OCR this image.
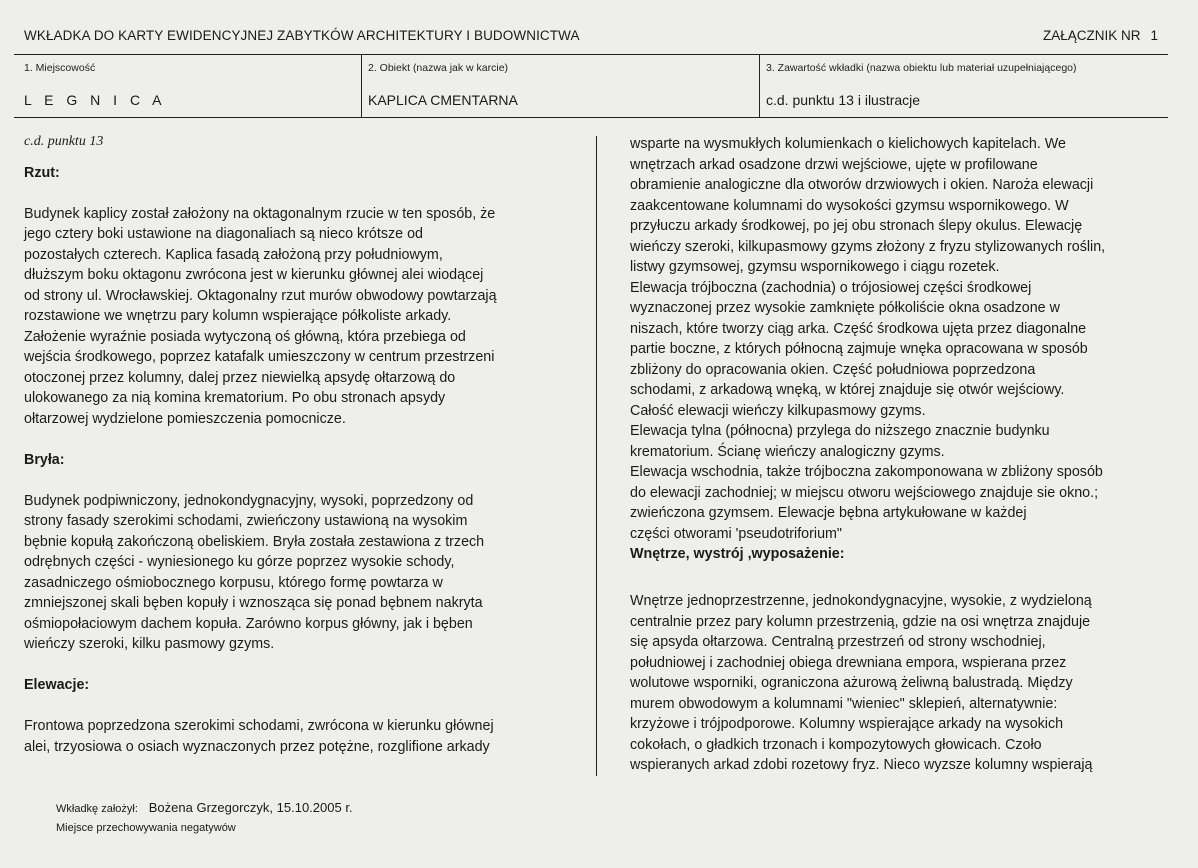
WKŁADKA DO KARTY EWIDENCYJNEJ ZABYTKÓW ARCHITEKTURY I BUDOWNICTWA	ZAŁĄCZNIK NR 1
1. Miejscowość
L E G N I C A
2. Obiekt (nazwa jak w karcie)
KAPLICA CMENTARNA
3. Zawartość wkładki (nazwa obiektu lub materiał uzupełniającego)
c.d. punktu 13 i ilustracje

c.d. punktu 13

Rzut:

Budynek kaplicy został założony na oktagonalnym rzucie w ten sposób, że

jego cztery boki ustawione na diagonaliach są nieco krótsze od

pozostałych czterech. Kaplica fasadą założoną przy południowym,

dłuższym boku oktagonu zwrócona jest w kierunku głównej alei wiodącej

od strony ul. Wrocławskiej. Oktagonalny rzut murów obwodowy powtarzają

rozstawione we wnętrzu pary kolumn wspierające półkoliste arkady.

Założenie wyraźnie posiada wytyczoną oś główną, która przebiega od

wejścia środkowego, poprzez katafalk umieszczony w centrum przestrzeni

otoczonej przez kolumny, dalej przez niewielką apsydę ołtarzową do

ulokowanego za nią komina krematorium. Po obu stronach apsydy

ołtarzowej wydzielone pomieszczenia pomocnicze.

Bryła:

Budynek podpiwniczony, jednokondygnacyjny, wysoki, poprzedzony od

strony fasady szerokimi schodami, zwieńczony ustawioną na wysokim

bębnie kopułą zakończoną obeliskiem. Bryła została zestawiona z trzech

odrębnych części - wyniesionego ku górze poprzez wysokie schody,

zasadniczego ośmiobocznego korpusu, którego formę powtarza w

zmniejszonej skali bęben kopuły i wznosząca się ponad bębnem nakryta

ośmiopołaciowym dachem kopuła. Zarówno korpus główny, jak i bęben

wieńczy szeroki, kilku pasmowy gzyms.

Elewacje:

Frontowa poprzedzona szerokimi schodami, zwrócona w kierunku głównej

alei, trzyosiowa o osiach wyznaczonych przez potężne, rozglifione arkady

wsparte na wysmukłych kolumienkach o kielichowych kapitelach. We

wnętrzach arkad osadzone drzwi wejściowe, ujęte w profilowane

obramienie analogiczne dla otworów drzwiowych i okien. Naroża elewacji

zaakcentowane kolumnami do wysokości gzymsu wspornikowego. W

przyłuczu arkady środkowej, po jej obu stronach ślepy okulus. Elewację

wieńczy szeroki, kilkupasmowy gzyms złożony z fryzu stylizowanych roślin,

listwy gzymsowej, gzymsu wspornikowego i ciągu rozetek.

Elewacja trójboczna (zachodnia) o trójosiowej części środkowej

wyznaczonej przez wysokie zamknięte półkoliście okna osadzone w

niszach, które tworzy ciąg arka. Część środkowa ujęta przez diagonalne

partie boczne, z których północną zajmuje wnęka opracowana w sposób

zbliżony do opracowania okien. Część południowa poprzedzona

schodami, z arkadową wnęką, w której znajduje się otwór wejściowy.

Całość elewacji wieńczy kilkupasmowy gzyms.

Elewacja tylna (północna) przylega do niższego znacznie budynku

krematorium. Ścianę wieńczy analogiczny gzyms.

Elewacja wschodnia, także trójboczna zakomponowana w zbliżony sposób

do elewacji zachodniej; w miejscu otworu wejściowego znajduje sie okno.;

zwieńczona gzymsem. Elewacje bębna artykułowane w każdej

części otworami 'pseudotriforium"

Wnętrze, wystrój ,wyposażenie:

Wnętrze jednoprzestrzenne, jednokondygnacyjne, wysokie, z wydzieloną

centralnie przez pary kolumn przestrzenią, gdzie na osi wnętrza znajduje

się apsyda ołtarzowa. Centralną przestrzeń od strony wschodniej,

południowej i zachodniej obiega drewniana empora, wspierana przez

wolutowe wsporniki, ograniczona ażurową żeliwną balustradą. Między

murem obwodowym a kolumnami "wieniec" sklepień, alternatywnie:

krzyżowe i trójpodporowe. Kolumny wspierające arkady na wysokich

cokołach, o gładkich trzonach i kompozytowych głowicach. Czoło

wspieranych arkad zdobi rozetowy fryz. Nieco wyzsze kolumny wspierają

Wkładkę założył: Bożena Grzegorczyk, 15.10.2005 r.
Miejsce przechowywania negatywów
